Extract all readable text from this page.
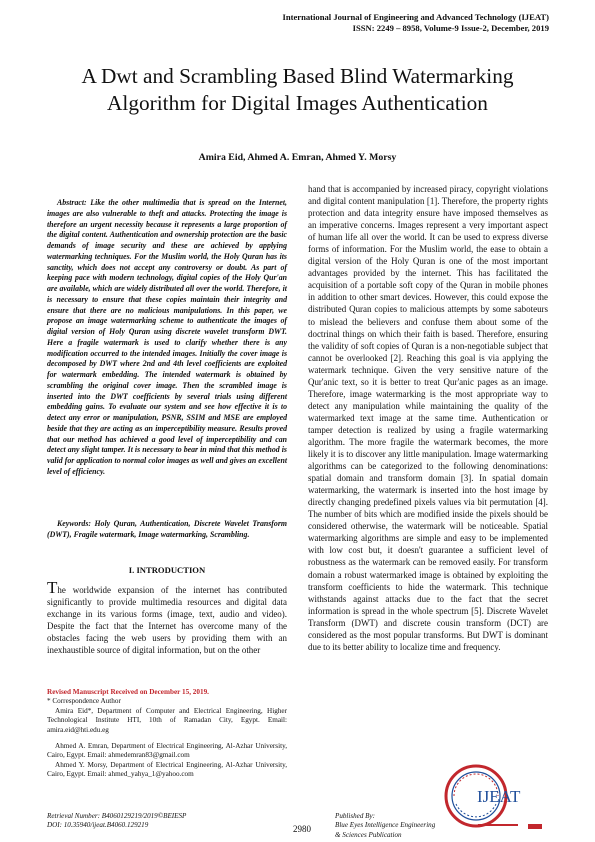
International Journal of Engineering and Advanced Technology (IJEAT)
ISSN: 2249 – 8958, Volume-9 Issue-2, December, 2019
A Dwt and Scrambling Based Blind Watermarking Algorithm for Digital Images Authentication
Amira Eid, Ahmed A. Emran, Ahmed Y. Morsy

Abstract: Like the other multimedia that is spread on the Internet, images are also vulnerable to theft and attacks. Protecting the image is therefore an urgent necessity because it represents a large proportion of the digital content. Authentication and ownership protection are the basic demands of image security and these are achieved by applying watermarking techniques. For the Muslim world, the Holy Quran has its sanctity, which does not accept any controversy or doubt. As part of keeping pace with modern technology, digital copies of the Holy Qur'an are available, which are widely distributed all over the world. Therefore, it is necessary to ensure that these copies maintain their integrity and ensure that there are no malicious manipulations. In this paper, we propose an image watermarking scheme to authenticate the images of digital version of Holy Quran using discrete wavelet transform DWT. Here a fragile watermark is used to clarify whether there is any modification occurred to the intended images. Initially the cover image is decomposed by DWT where 2nd and 4th level coefficients are exploited for watermark embedding. The intended watermark is obtained by scrambling the original cover image. Then the scrambled image is inserted into the DWT coefficients by several trials using different embedding gains. To evaluate our system and see how effective it is to detect any error or manipulation, PSNR, SSIM and MSE are employed beside that they are acting as an imperceptibility measure. Results proved that our method has achieved a good level of imperceptibility and can detect any slight tamper. It is necessary to bear in mind that this method is valid for application to normal color images as well and gives an excellent level of efficiency.

Keywords: Holy Quran, Authentication, Discrete Wavelet Transform (DWT), Fragile watermark, Image watermarking, Scrambling.

I. INTRODUCTION

The worldwide expansion of the internet has contributed significantly to provide multimedia resources and digital data exchange in its various forms (image, text, audio and video). Despite the fact that the Internet has overcome many of the obstacles facing the web users by providing them with an inexhaustible source of digital information, but on the other

Revised Manuscript Received on December 15, 2019.

* Correspondence Author

Amira Eid*, Department of Computer and Electrical Engineering, Higher Technological Institute HTI, 10th of Ramadan City, Egypt. Email: amira.eid@hti.edu.eg

Ahmed A. Emran, Department of Electrical Engineering, Al-Azhar University, Cairo, Egypt. Email: ahmedemran83@gmail.com

Ahmed Y. Morsy, Department of Electrical Engineering, Al-Azhar University, Cairo, Egypt. Email: ahmed_yahya_1@yahoo.com

hand that is accompanied by increased piracy, copyright violations and digital content manipulation [1]. Therefore, the property rights protection and data integrity ensure have imposed themselves as an imperative concerns. Images represent a very important aspect of human life all over the world. It can be used to express diverse forms of information. For the Muslim world, the ease to obtain a digital version of the Holy Quran is one of the most important advantages provided by the internet. This has facilitated the acquisition of a portable soft copy of the Quran in mobile phones in addition to other smart devices. However, this could expose the distributed Quran copies to malicious attempts by some saboteurs to mislead the believers and confuse them about some of the doctrinal things on which their faith is based. Therefore, ensuring the validity of soft copies of Quran is a non-negotiable subject that cannot be overlooked [2]. Reaching this goal is via applying the watermark technique. Given the very sensitive nature of the Qur'anic text, so it is better to treat Qur'anic pages as an image. Therefore, image watermarking is the most appropriate way to detect any manipulation while maintaining the quality of the watermarked text image at the same time. Authentication or tamper detection is realized by using a fragile watermarking algorithm. The more fragile the watermark becomes, the more likely it is to discover any little manipulation. Image watermarking algorithms can be categorized to the following denominations: spatial domain and transform domain [3]. In spatial domain watermarking, the watermark is inserted into the host image by directly changing predefined pixels values via bit permutation [4]. The number of bits which are modified inside the pixels should be considered otherwise, the watermark will be noticeable. Spatial watermarking algorithms are simple and easy to be implemented with low cost but, it doesn't guarantee a sufficient level of robustness as the watermark can be removed easily. For transform domain a robust watermarked image is obtained by exploiting the transform coefficients to hide the watermark. This technique withstands against attacks due to the fact that the secret information is spread in the whole spectrum [5]. Discrete Wavelet Transform (DWT) and discrete cousin transform (DCT) are considered as the most popular transforms. But DWT is dominant due to its better ability to localize time and frequency.

Retrieval Number: B4060129219/2019©BEIESP
DOI: 10.35940/ijeat.B4060.129219	2980
Published By:
Blue Eyes Intelligence Engineering
& Sciences Publication
IJEAT
